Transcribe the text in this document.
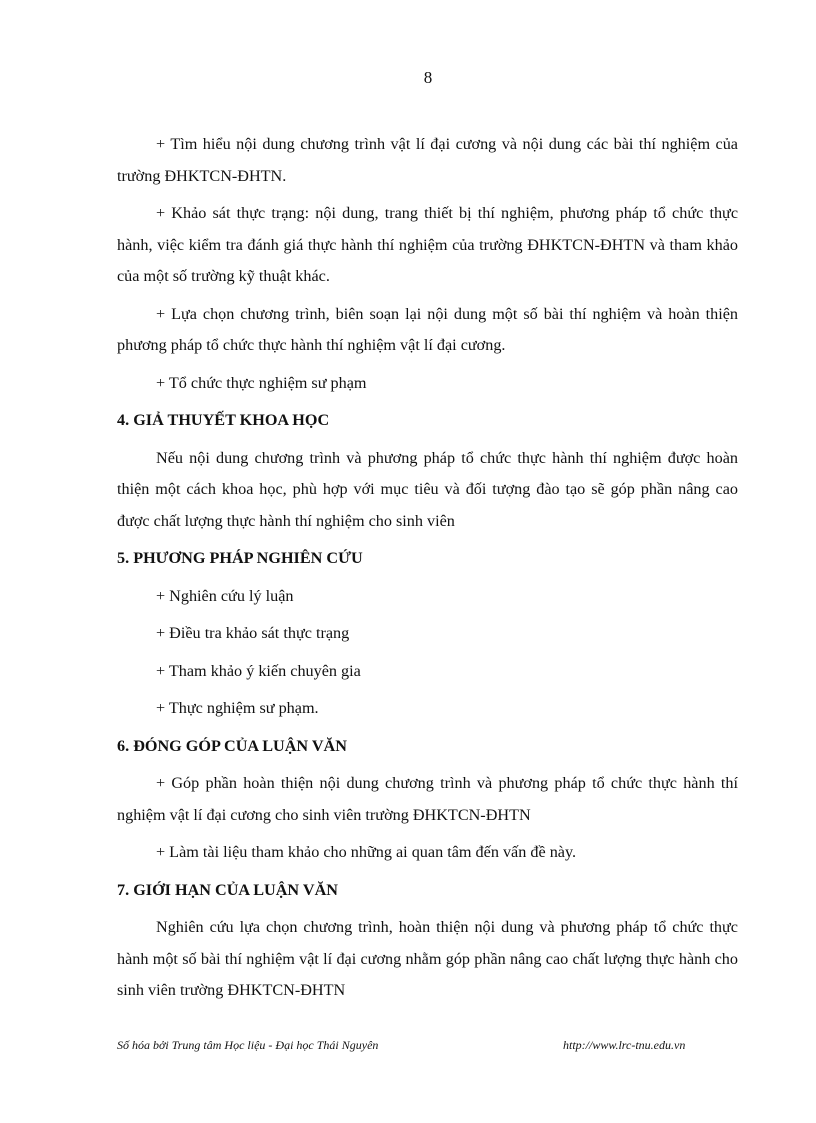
8

+ Tìm hiểu nội dung chương trình vật lí đại cương và nội dung các bài thí nghiệm của trường ĐHKTCN-ĐHTN.

+ Khảo sát thực trạng: nội dung, trang thiết bị thí nghiệm, phương pháp tổ chức thực hành, việc kiểm tra đánh giá thực hành thí nghiệm của trường ĐHKTCN-ĐHTN và tham khảo của một số trường kỹ thuật khác.

+ Lựa chọn chương trình, biên soạn lại nội dung một số bài thí nghiệm và hoàn thiện phương pháp tổ chức thực hành thí nghiệm vật lí đại cương.

+ Tổ chức thực nghiệm sư phạm

4. GIẢ THUYẾT KHOA HỌC

Nếu nội dung chương trình và phương pháp tổ chức thực hành thí nghiệm được hoàn thiện một cách khoa học, phù hợp với mục tiêu và đối tượng đào tạo sẽ góp phần nâng cao được chất lượng thực hành thí nghiệm cho sinh viên

5. PHƯƠNG PHÁP NGHIÊN CỨU

+ Nghiên cứu lý luận

+ Điều tra khảo sát thực trạng

+ Tham khảo ý kiến chuyên gia

+ Thực nghiệm sư phạm.

6. ĐÓNG GÓP CỦA LUẬN VĂN

+ Góp phần hoàn thiện nội dung chương trình và phương pháp tổ chức thực hành thí nghiệm vật lí đại cương cho sinh viên trường ĐHKTCN-ĐHTN

+ Làm tài liệu tham khảo cho những ai quan tâm đến vấn đề này.

7. GIỚI HẠN CỦA LUẬN VĂN

Nghiên cứu lựa chọn chương trình, hoàn thiện nội dung và phương pháp tổ chức thực hành một số bài thí nghiệm vật lí đại cương nhằm góp phần nâng cao chất lượng thực hành cho sinh viên trường ĐHKTCN-ĐHTN

Số hóa bởi Trung tâm Học liệu - Đại học Thái Nguyên	http://www.lrc-tnu.edu.vn
